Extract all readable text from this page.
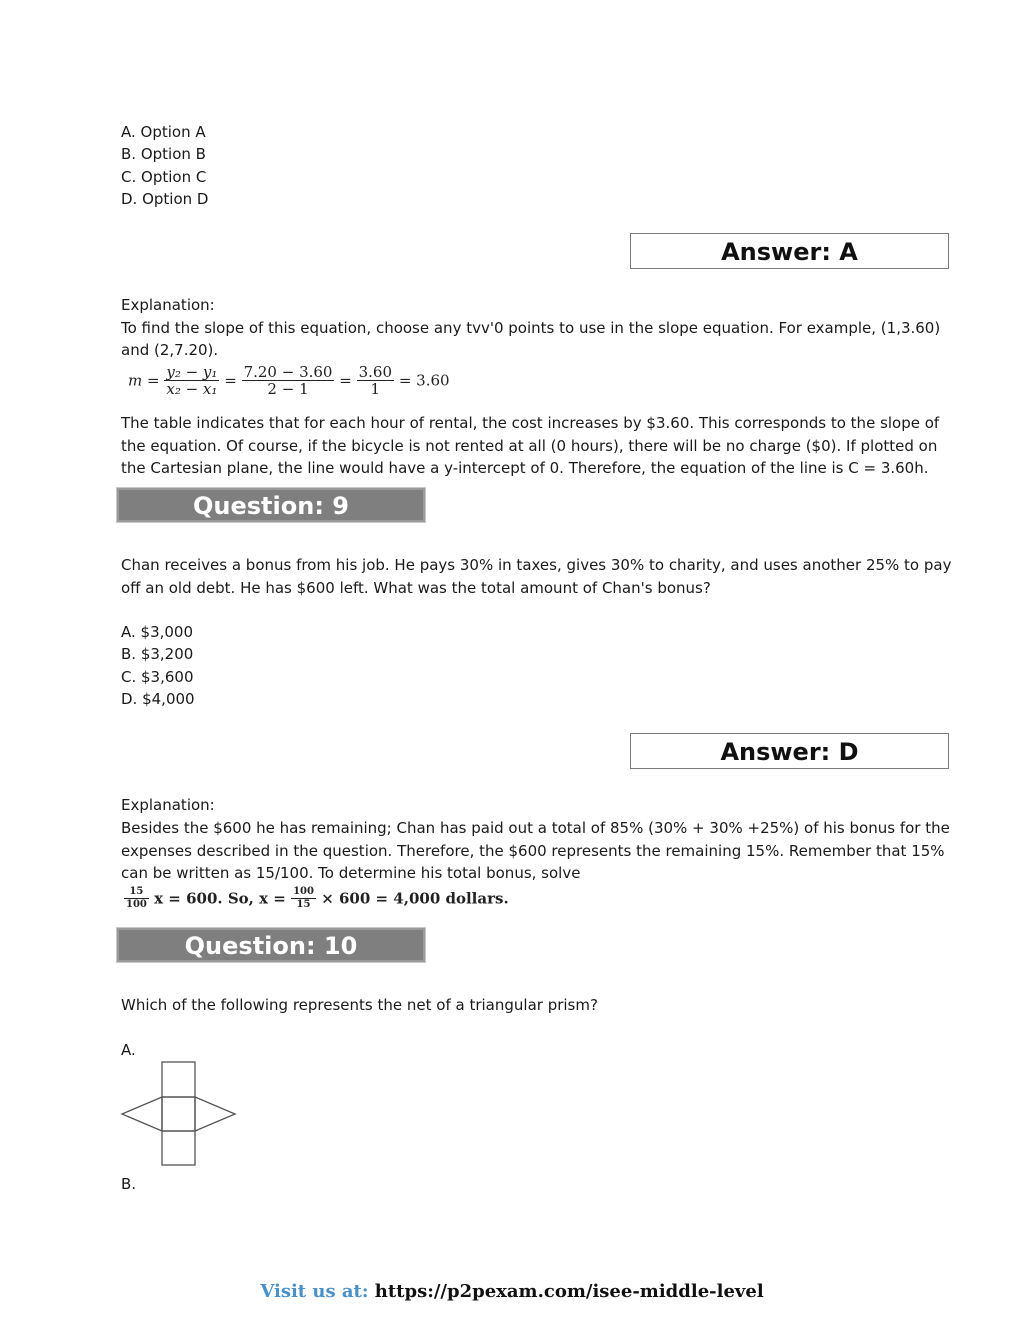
A. Option A
B. Option B
C. Option C
D. Option D
Answer: A
Explanation:
To find the slope of this equation, choose any tvv'0 points to use in the slope equation. For example, (1,3.60)
and (2,7.20).
$m = \frac{\text{y₂ − y₁}}{\text{x₂ − x₁}} = \frac{7.20 - 3.60}{2 - 1} = \frac{3.60}{1} = 3.60$
The table indicates that for each hour of rental, the cost increases by $3.60. This corresponds to the slope of
the equation. Of course, if the bicycle is not rented at all (0 hours), there will be no charge ($0). If plotted on
the Cartesian plane, the line would have a y-intercept of 0. Therefore, the equation of the line is C = 3.60h.
Question: 9
Chan receives a bonus from his job. He pays 30% in taxes, gives 30% to charity, and uses another 25% to pay
off an old debt. He has $600 left. What was the total amount of Chan's bonus?
A. $3,000
B. $3,200
C. $3,600
D. $4,000
Answer: D
Explanation:
Besides the $600 he has remaining; Chan has paid out a total of 85% (30% + 30% +25%) of his bonus for the
expenses described in the question. Therefore, the $600 represents the remaining 15%. Remember that 15%
can be written as 15/100. To determine his total bonus, solve
$\frac{15}{100}$ x = 600. So, $x = \frac{100}{15} \times 600 = 4,000$ dollars.
Question: 10
Which of the following represents the net of a triangular prism?
A.
B.
Visit us at: https://p2pexam.com/isee-middle-level
